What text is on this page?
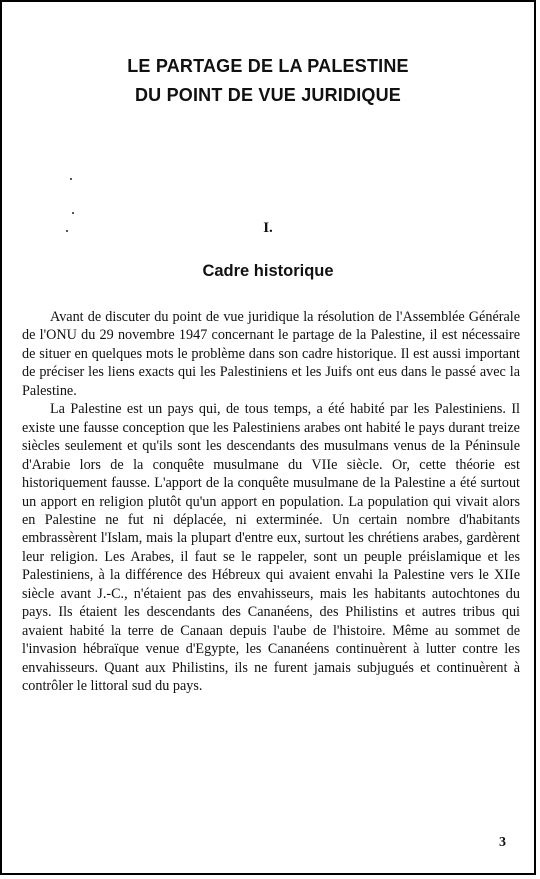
LE PARTAGE DE LA PALESTINE
DU POINT DE VUE JURIDIQUE
I.
Cadre historique

Avant de discuter du point de vue juridique la résolution de l'Assemblée Générale de l'ONU du 29 novembre 1947 concernant le partage de la Palestine, il est nécessaire de situer en quelques mots le problème dans son cadre historique. Il est aussi important de préciser les liens exacts qui les Palestiniens et les Juifs ont eus dans le passé avec la Palestine.

La Palestine est un pays qui, de tous temps, a été habité par les Palestiniens. Il existe une fausse conception que les Palestiniens arabes ont habité le pays durant treize siècles seulement et qu'ils sont les descendants des musulmans venus de la Péninsule d'Arabie lors de la conquête musulmane du VIIe siècle. Or, cette théorie est historiquement fausse. L'apport de la conquête musulmane de la Palestine a été surtout un apport en religion plutôt qu'un apport en population. La population qui vivait alors en Palestine ne fut ni déplacée, ni exterminée. Un certain nombre d'habitants embrassèrent l'Islam, mais la plupart d'entre eux, surtout les chrétiens arabes, gardèrent leur religion. Les Arabes, il faut se le rappeler, sont un peuple préislamique et les Palestiniens, à la différence des Hébreux qui avaient envahi la Palestine vers le XIIe siècle avant J.-C., n'étaient pas des envahisseurs, mais les habitants autochtones du pays. Ils étaient les descendants des Cananéens, des Philistins et autres tribus qui avaient habité la terre de Canaan depuis l'aube de l'histoire. Même au sommet de l'invasion hébraïque venue d'Egypte, les Cananéens continuèrent à lutter contre les envahisseurs. Quant aux Philistins, ils ne furent jamais subjugués et continuèrent à contrôler le littoral sud du pays.

3
